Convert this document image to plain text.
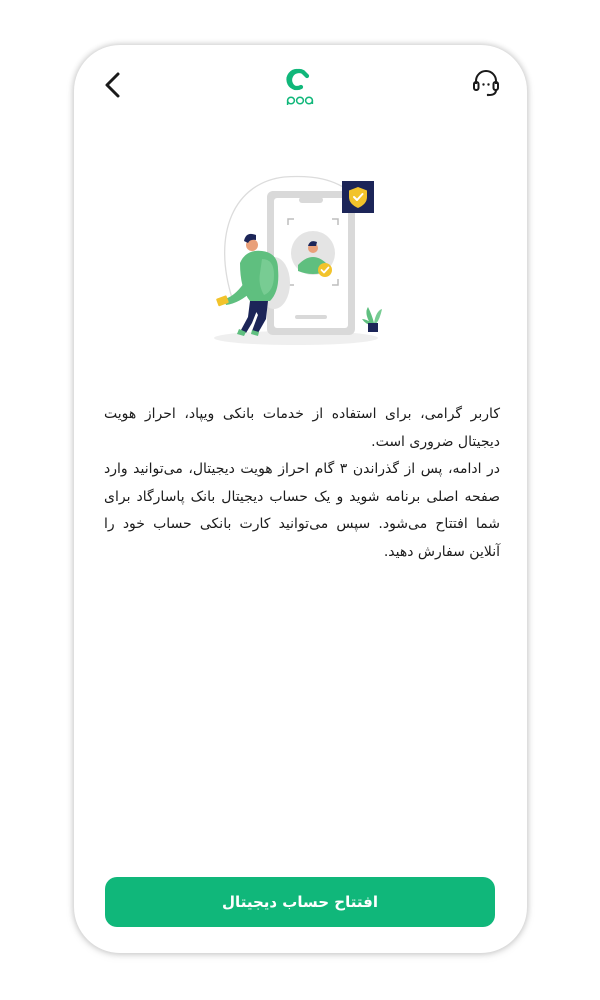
کاربر گرامی، برای استفاده از خدمات بانکی ویپاد، احراز هویت دیجیتال ضروری است.

در ادامه، پس از گذراندن ۳ گام احراز هویت دیجیتال، می‌توانید وارد صفحه اصلی برنامه شوید و یک حساب دیجیتال بانک پاسارگاد برای شما افتتاح می‌شود. سپس می‌توانید کارت بانکی حساب خود را آنلاین سفارش دهید.

افتتاح حساب دیجیتال
